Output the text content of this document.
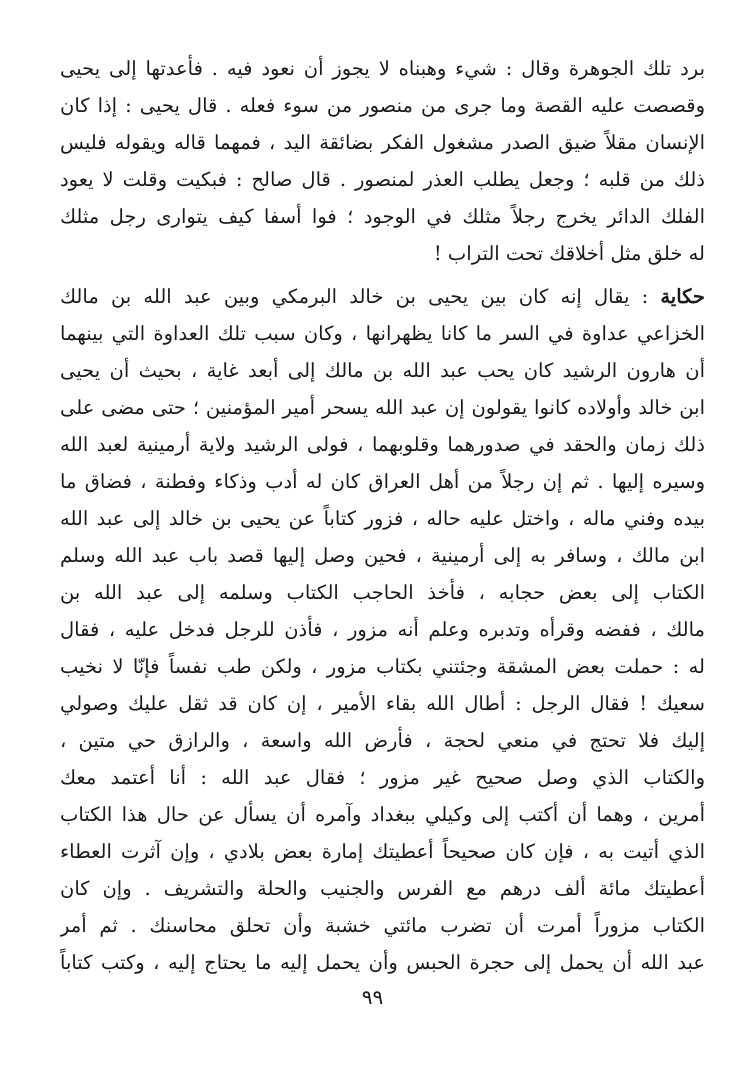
برد تلك الجوهرة وقال : شيء وهبناه لا يجوز أن نعود فيه . فأعدتها إلى يحيى
وقصصت عليه القصة وما جرى من منصور من سوء فعله . قال يحيى : إذا كان
الإنسان مقلاً ضيق الصدر مشغول الفكر بضائقة اليد ، فمهما قاله ويقوله فليس
ذلك من قلبه ؛ وجعل يطلب العذر لمنصور . قال صالح : فبكيت وقلت لا يعود
الفلك الدائر يخرج رجلاً مثلك في الوجود ؛ فوا أسفا كيف يتوارى رجل مثلك
له خلق مثل أخلاقك تحت التراب !
حكاية : يقال إنه كان بين يحيى بن خالد البرمكي وبين عبد الله بن مالك
الخزاعي عداوة في السر ما كانا يظهرانها ، وكان سبب تلك العداوة التي بينهما
أن هارون الرشيد كان يحب عبد الله بن مالك إلى أبعد غاية ، بحيث أن يحيى
ابن خالد وأولاده كانوا يقولون إن عبد الله يسحر أمير المؤمنين ؛ حتى مضى على
ذلك زمان والحقد في صدورهما وقلوبهما ، فولى الرشيد ولاية أرمينية لعبد الله
وسيره إليها . ثم إن رجلاً من أهل العراق كان له أدب وذكاء وفطنة ، فضاق ما
بيده وفني ماله ، واختل عليه حاله ، فزور كتاباً عن يحيى بن خالد إلى عبد الله
ابن مالك ، وسافر به إلى أرمينية ، فحين وصل إليها قصد باب عبد الله وسلم
الكتاب إلى بعض حجابه ، فأخذ الحاجب الكتاب وسلمه إلى عبد الله بن
مالك ، ففضه وقرأه وتدبره وعلم أنه مزور ، فأذن للرجل فدخل عليه ، فقال
له : حملت بعض المشقة وجئتني بكتاب مزور ، ولكن طب نفساً فإنّا لا نخيب
سعيك ! فقال الرجل : أطال الله بقاء الأمير ، إن كان قد ثقل عليك وصولي
إليك فلا تحتج في منعي لحجة ، فأرض الله واسعة ، والرازق حي متين ،
والكتاب الذي وصل صحيح غير مزور ؛ فقال عبد الله : أنا أعتمد معك
أمرين ، وهما أن أكتب إلى وكيلي ببغداد وآمره أن يسأل عن حال هذا الكتاب
الذي أتيت به ، فإن كان صحيحاً أعطيتك إمارة بعض بلادي ، وإن آثرت العطاء
أعطيتك مائة ألف درهم مع الفرس والجنيب والحلة والتشريف . وإن كان
الكتاب مزوراً أمرت أن تضرب مائتي خشبة وأن تحلق محاسنك . ثم أمر
عبد الله أن يحمل إلى حجرة الحبس وأن يحمل إليه ما يحتاج إليه ، وكتب كتاباً
٩٩
